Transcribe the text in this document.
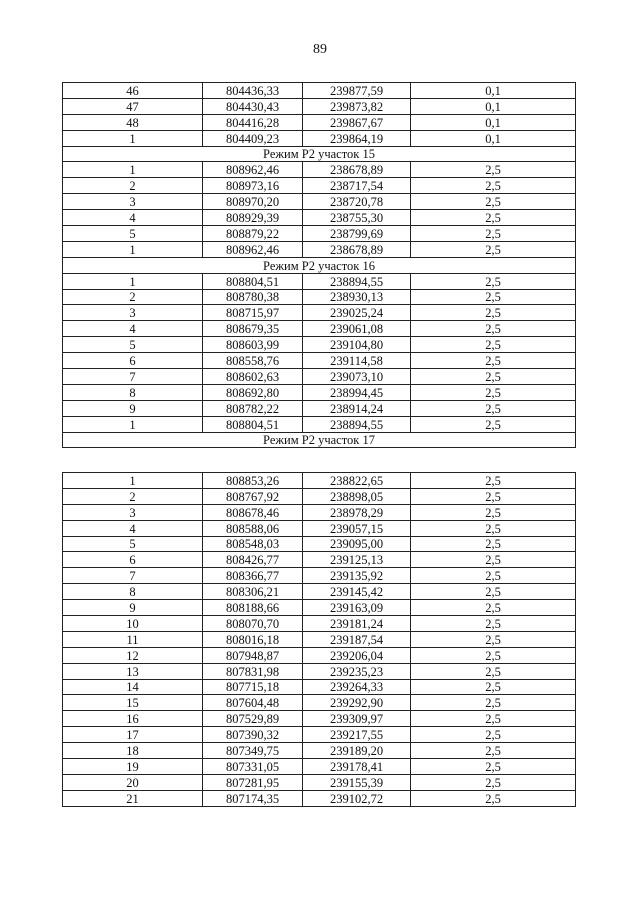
89
46	804436,33	239877,59	0,1
47	804430,43	239873,82	0,1
48	804416,28	239867,67	0,1
1	804409,23	239864,19	0,1
Режим Р2 участок 15			
1	808962,46	238678,89	2,5
2	808973,16	238717,54	2,5
3	808970,20	238720,78	2,5
4	808929,39	238755,30	2,5
5	808879,22	238799,69	2,5
1	808962,46	238678,89	2,5
Режим Р2 участок 16			
1	808804,51	238894,55	2,5
2	808780,38	238930,13	2,5
3	808715,97	239025,24	2,5
4	808679,35	239061,08	2,5
5	808603,99	239104,80	2,5
6	808558,76	239114,58	2,5
7	808602,63	239073,10	2,5
8	808692,80	238994,45	2,5
9	808782,22	238914,24	2,5
1	808804,51	238894,55	2,5
Режим Р2 участок 17			
1	808853,26	238822,65	2,5
2	808767,92	238898,05	2,5
3	808678,46	238978,29	2,5
4	808588,06	239057,15	2,5
5	808548,03	239095,00	2,5
6	808426,77	239125,13	2,5
7	808366,77	239135,92	2,5
8	808306,21	239145,42	2,5
9	808188,66	239163,09	2,5
10	808070,70	239181,24	2,5
11	808016,18	239187,54	2,5
12	807948,87	239206,04	2,5
13	807831,98	239235,23	2,5
14	807715,18	239264,33	2,5
15	807604,48	239292,90	2,5
16	807529,89	239309,97	2,5
17	807390,32	239217,55	2,5
18	807349,75	239189,20	2,5
19	807331,05	239178,41	2,5
20	807281,95	239155,39	2,5
21	807174,35	239102,72	2,5
